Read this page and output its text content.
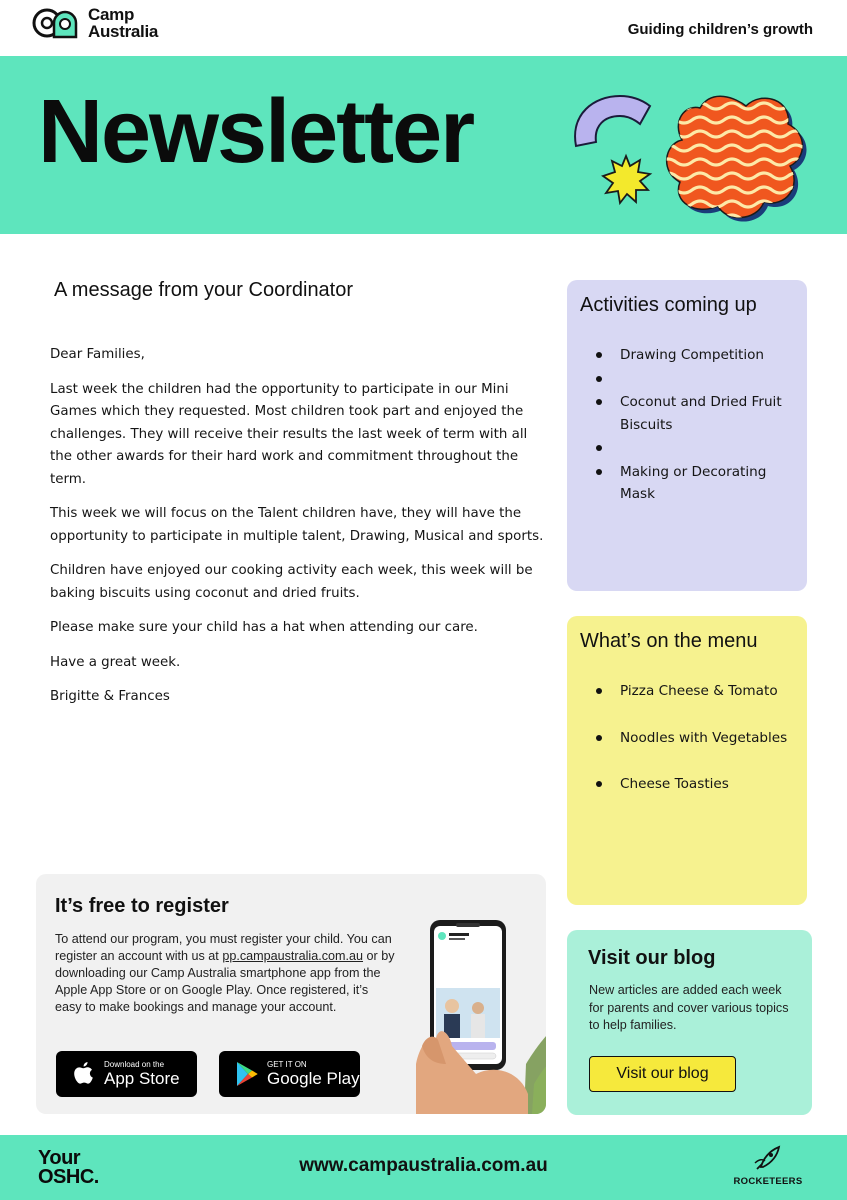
Camp
Australia	Guiding children’s growth
Newsletter
A message from your Coordinator

Dear Families,

Last week the children had the opportunity to participate in our Mini Games which they requested. Most children took part and enjoyed the challenges. They will receive their results the last week of term with all the other awards for their hard work and commitment throughout the term.

This week we will focus on the Talent children have, they will have the opportunity to participate in multiple talent, Drawing, Musical and sports.

Children have enjoyed our cooking activity each week, this week will be baking biscuits using coconut and dried fruits.

Please make sure your child has a hat when attending our care.

Have a great week.

Brigitte & Frances

Activities coming up
Drawing Competition
Coconut and Dried Fruit Biscuits
Making or Decorating Mask
What’s on the menu
Pizza Cheese & Tomato
Noodles with Vegetables
Cheese Toasties
It’s free to register
To attend our program, you must register your child. You can register an account with us at pp.campaustralia.com.au or by downloading our Camp Australia smartphone app from the Apple App Store or on Google Play. Once registered, it’s easy to make bookings and manage your account.
Download on the
App Store
GET IT ON
Google Play
Visit our blog
New articles are added each week for parents and cover various topics to help families.
Visit our blog
Your
OSHC.
www.campaustralia.com.au
ROCKETEERS
